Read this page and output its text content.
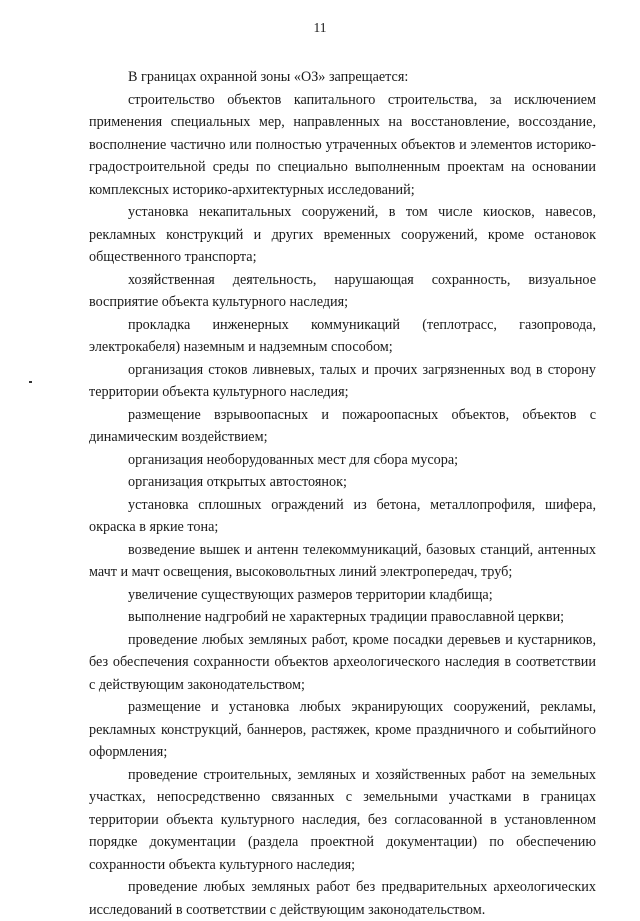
11

В границах охранной зоны «ОЗ» запрещается:

строительство объектов капитального строительства, за исключением применения специальных мер, направленных на восстановление, воссоздание, восполнение частично или полностью утраченных объектов и элементов историко-градостроительной среды по специально выполненным проектам на основании комплексных историко-архитектурных исследований;

установка некапитальных сооружений, в том числе киосков, навесов, рекламных конструкций и других временных сооружений, кроме остановок общественного транспорта;

хозяйственная деятельность, нарушающая сохранность, визуальное восприятие объекта культурного наследия;

прокладка инженерных коммуникаций (теплотрасс, газопровода, электрокабеля) наземным и надземным способом;

организация стоков ливневых, талых и прочих загрязненных вод в сторону территории объекта культурного наследия;

размещение взрывоопасных и пожароопасных объектов, объектов с динамическим воздействием;

организация необорудованных мест для сбора мусора;

организация открытых автостоянок;

установка сплошных ограждений из бетона, металлопрофиля, шифера, окраска в яркие тона;

возведение вышек и антенн телекоммуникаций, базовых станций, антенных мачт и мачт освещения, высоковольтных линий электропередач, труб;

увеличение существующих размеров территории кладбища;

выполнение надгробий не характерных традиции православной церкви;

проведение любых земляных работ, кроме посадки деревьев и кустарников, без обеспечения сохранности объектов археологического наследия в соответствии с действующим законодательством;

размещение и установка любых экранирующих сооружений, рекламы, рекламных конструкций, баннеров, растяжек, кроме праздничного и событийного оформления;

проведение строительных, земляных и хозяйственных работ на земельных участках, непосредственно связанных с земельными участками в границах территории объекта культурного наследия, без согласованной в установленном порядке документации (раздела проектной документации) по обеспечению сохранности объекта культурного наследия;

проведение любых земляных работ без предварительных археологических исследований в соответствии с действующим законодательством.
